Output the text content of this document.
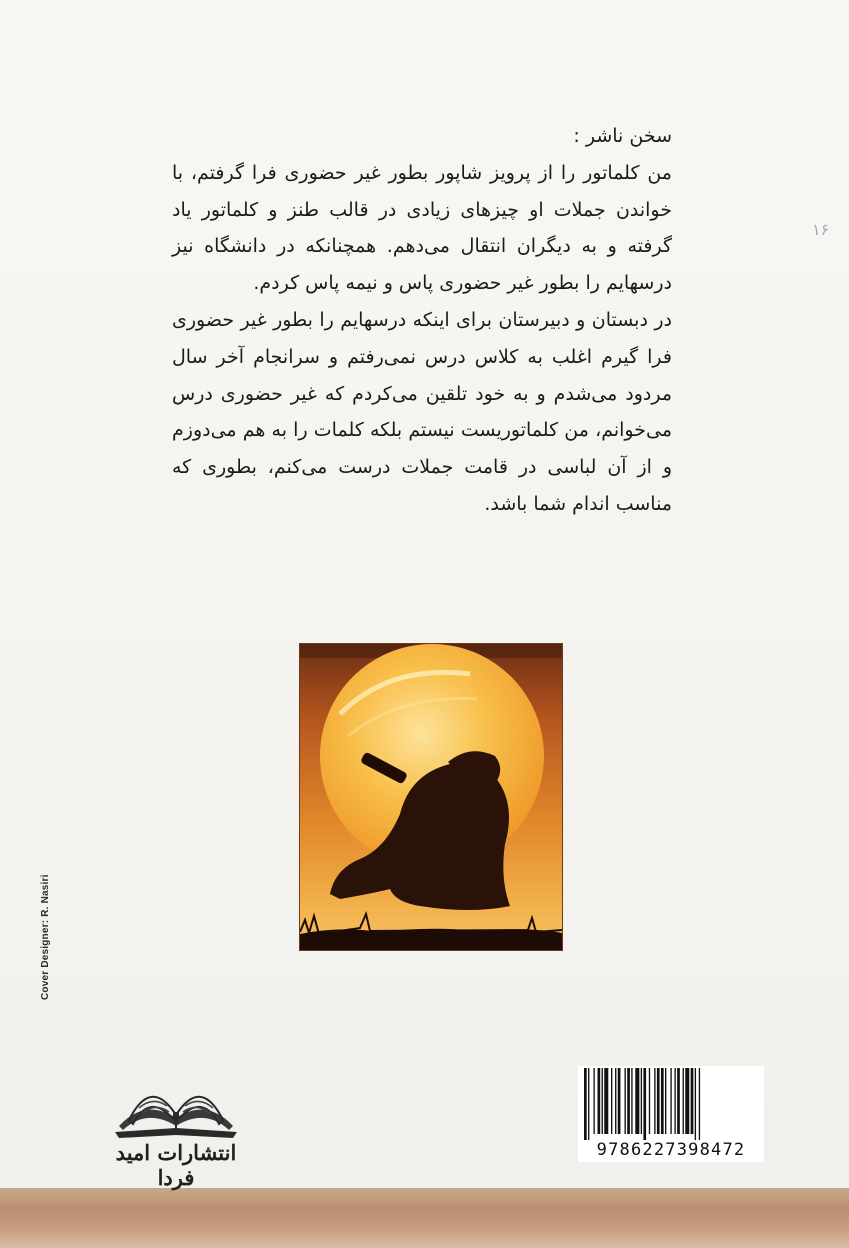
۱۶

سخن ناشر :

من کلماتور را از پرویز شاپور بطور غیر حضوری فرا گرفتم، با خواندن جملات او چیزهای زیادی در قالب طنز و کلماتور یاد گرفته و به دیگران انتقال می‌دهم. همچنانکه در دانشگاه نیز درسهایم را بطور غیر حضوری پاس و نیمه پاس کردم.

در دبستان و دبیرستان برای اینکه درسهایم را بطور غیر حضوری فرا گیرم اغلب به کلاس درس نمی‌رفتم و سرانجام آخر سال مردود می‌شدم و به خود تلقین می‌کردم که غیر حضوری درس می‌خوانم، من کلماتوریست نیستم بلکه کلمات را به هم می‌دوزم و از آن لباسی در قامت جملات درست می‌کنم، بطوری که مناسب اندام شما باشد.

Cover Designer: R. Nasiri
انتشارات امید فردا
9786227398472
